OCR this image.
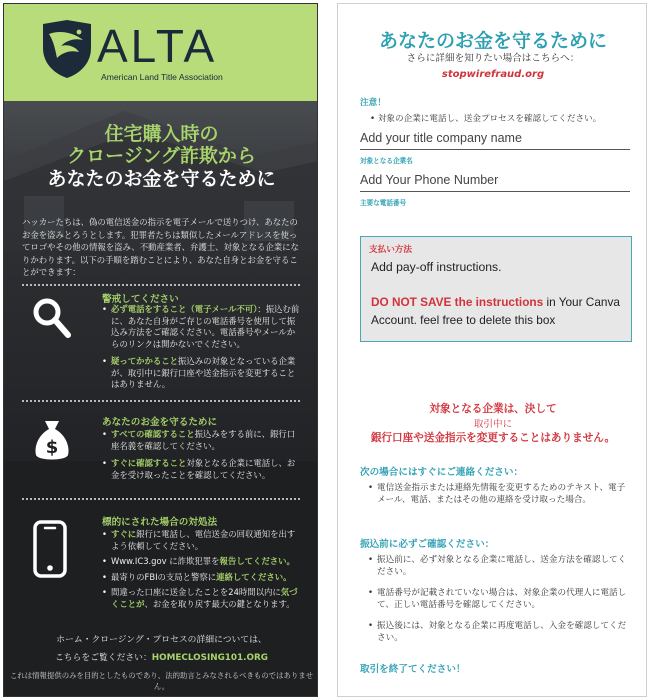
ALTA
American Land Title Association
住宅購入時の
クロージング詐欺から
あなたのお金を守るために
ハッカーたちは、偽の電信送金の指示を電子メールで送りつけ、あなたのお金を盗みとろうとします。犯罪者たちは類似したメールアドレスを使ってロゴやその他の情報を盗み、不動産業者、弁護士、対象となる企業になりかわります。以下の手順を踏むことにより、あなた自身とお金を守ることができます：
警戒してください
• 必ず電話をすること（電子メール不可）：振込む前に、あなた自身がご存じの電話番号を使用して振込み方法をご確認ください。電話番号やメールからのリンクは開かないでください。
• 疑ってかかること振込みの対象となっている企業が、取引中に銀行口座や送金指示を変更することはありません。
$
あなたのお金を守るために
• すべての確認すること振込みをする前に、銀行口座名義を確認してください。
• すぐに確認すること対象となる企業に電話し、お金を受け取ったことを確認してください。
標的にされた場合の対処法
• すぐに銀行に電話し、電信送金の回収通知を出すよう依頼してください。
• Www.IC3.gov に詐欺犯罪を報告してください。
• 最寄りのFBIの支局と警察に連絡してください。
• 間違った口座に送金したことを24時間以内に気づくことが、お金を取り戻す最大の鍵となります。
ホーム・クロージング・プロセスの詳細については、
こちらをご覧ください：HOMECLOSING101.ORG
これは情報提供のみを目的としたものであり、法的助言とみなされるべきものではありません。
あなたのお金を守るために
さらに詳細を知りたい場合はこちらへ：
stopwirefraud.org
注意！
• 対象の企業に電話し、送金プロセスを確認してください。
Add your title company name
対象となる企業名
Add Your Phone Number
主要な電話番号
支払い方法
Add pay-off instructions.
DO NOT SAVE the instructions in Your Canva Account. feel free to delete this box
対象となる企業は、決して
取引中に
銀行口座や送金指示を変更することはありません。
次の場合にはすぐにご連絡ください：
• 電信送金指示または連絡先情報を変更するためのテキスト、電子メール、電話、またはその他の連絡を受け取った場合。
振込前に必ずご確認ください：
• 振込前に、必ず対象となる企業に電話し、送金方法を確認してください。
• 電話番号が記載されていない場合は、対象企業の代理人に電話して、正しい電話番号を確認してください。
• 振込後には、対象となる企業に再度電話し、入金を確認してください。
取引を終了てください！
